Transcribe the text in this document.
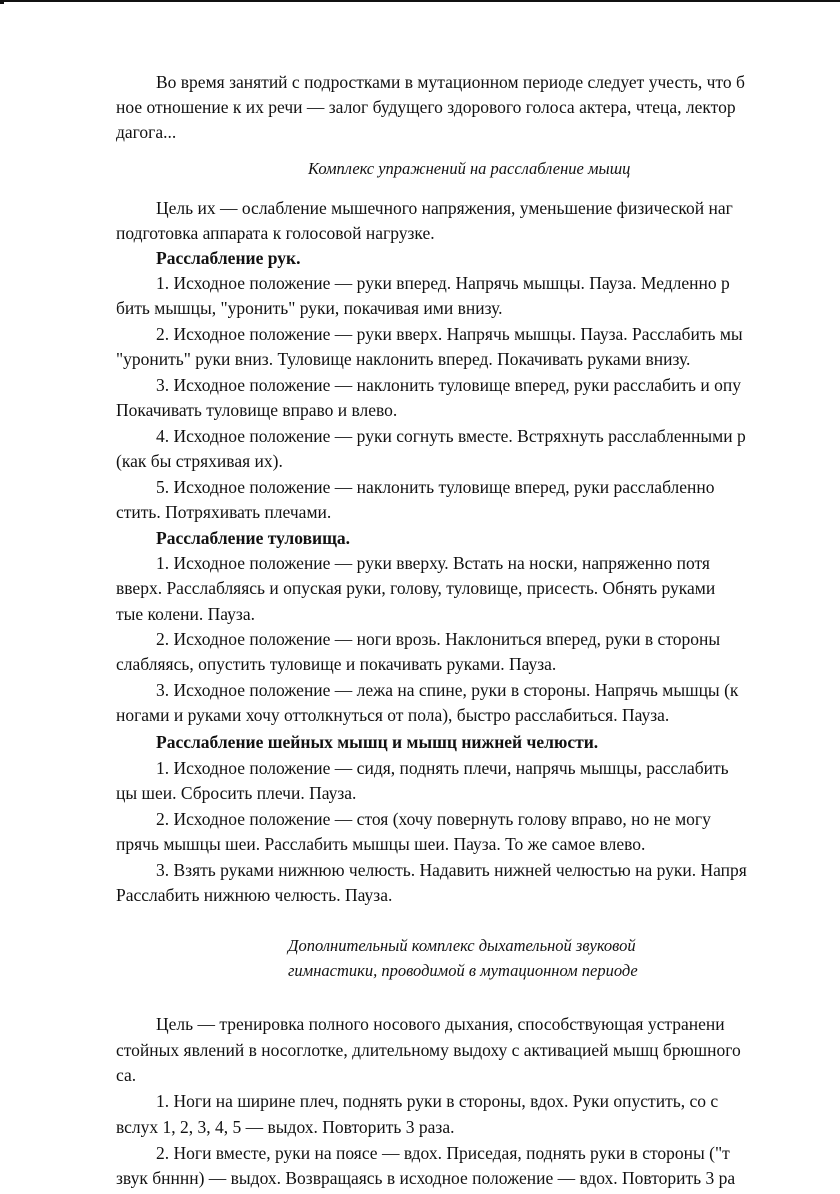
Во время занятий с подростками в мутационном периоде следует учесть, что б
ное отношение к их речи — залог будущего здорового голоса актера, чтеца, лектор
дагога...
Комплекс упражнений на расслабление мышц
Цель их — ослабление мышечного напряжения, уменьшение физической наг
подготовка аппарата к голосовой нагрузке.
Расслабление рук.
1. Исходное положение — руки вперед. Напрячь мышцы. Пауза. Медленно р
бить мышцы, "уронить" руки, покачивая ими внизу.
2. Исходное положение — руки вверх. Напрячь мышцы. Пауза. Расслабить мы
"уронить" руки вниз. Туловище наклонить вперед. Покачивать руками внизу.
3. Исходное положение — наклонить туловище вперед, руки расслабить и опу
Покачивать туловище вправо и влево.
4. Исходное положение — руки согнуть вместе. Встряхнуть расслабленными р
(как бы стряхивая их).
5. Исходное положение — наклонить туловище вперед, руки расслабленно
стить. Потряхивать плечами.
Расслабление туловища.
1. Исходное положение — руки вверху. Встать на носки, напряженно потя
вверх. Расслабляясь и опуская руки, голову, туловище, присесть. Обнять руками
тые колени. Пауза.
2. Исходное положение — ноги врозь. Наклониться вперед, руки в стороны
слабляясь, опустить туловище и покачивать руками. Пауза.
3. Исходное положение — лежа на спине, руки в стороны. Напрячь мышцы (к
ногами и руками хочу оттолкнуться от пола), быстро расслабиться. Пауза.
Расслабление шейных мышц и мышц нижней челюсти.
1. Исходное положение — сидя, поднять плечи, напрячь мышцы, расслабить
цы шеи. Сбросить плечи. Пауза.
2. Исходное положение — стоя (хочу повернуть голову вправо, но не могу
прячь мышцы шеи. Расслабить мышцы шеи. Пауза. То же самое влево.
3. Взять руками нижнюю челюсть. Надавить нижней челюстью на руки. Напря
Расслабить нижнюю челюсть. Пауза.
Дополнительный комплекс дыхательной звуковой
гимнастики, проводимой в мутационном периоде
Цель — тренировка полного носового дыхания, способствующая устранени
стойных явлений в носоглотке, длительному выдоху с активацией мышц брюшного
са.
1. Ноги на ширине плеч, поднять руки в стороны, вдох. Руки опустить, со с
вслух 1, 2, 3, 4, 5 — выдох. Повторить 3 раза.
2. Ноги вместе, руки на поясе — вдох. Приседая, поднять руки в стороны ("т
звук бнннн) — выдох. Возвращаясь в исходное положение — вдох. Повторить 3 ра
